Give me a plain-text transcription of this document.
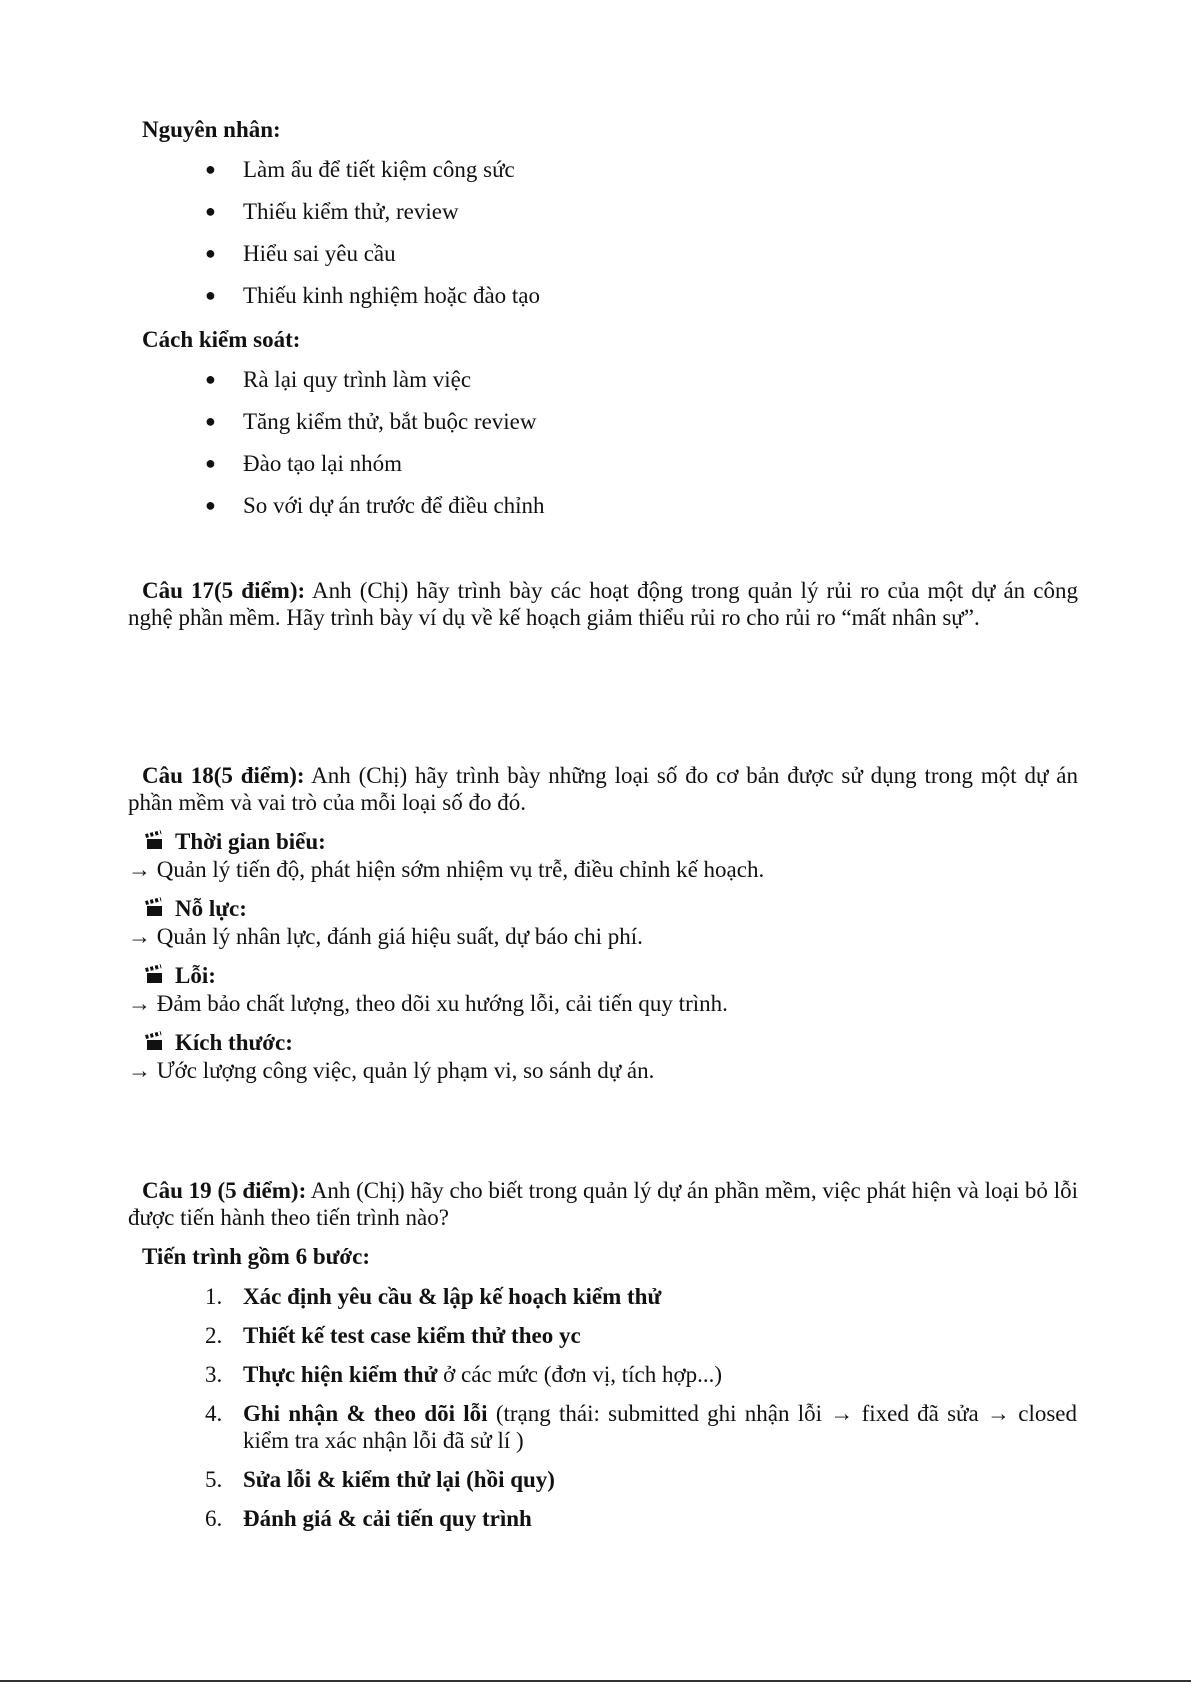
Nguyên nhân:
● Làm ẩu để tiết kiệm công sức
● Thiếu kiểm thử, review
● Hiểu sai yêu cầu
● Thiếu kinh nghiệm hoặc đào tạo
Cách kiểm soát:
● Rà lại quy trình làm việc
● Tăng kiểm thử, bắt buộc review
● Đào tạo lại nhóm
● So với dự án trước để điều chỉnh
Câu 17(5 điểm): Anh (Chị) hãy trình bày các hoạt động trong quản lý rủi ro của một dự án công nghệ phần mềm. Hãy trình bày ví dụ về kế hoạch giảm thiểu rủi ro cho rủi ro “mất nhân sự”.
Câu 18(5 điểm): Anh (Chị) hãy trình bày những loại số đo cơ bản được sử dụng trong một dự án phần mềm và vai trò của mỗi loại số đo đó.
Thời gian biểu:
→ Quản lý tiến độ, phát hiện sớm nhiệm vụ trễ, điều chỉnh kế hoạch.
Nỗ lực:
→ Quản lý nhân lực, đánh giá hiệu suất, dự báo chi phí.
Lỗi:
→ Đảm bảo chất lượng, theo dõi xu hướng lỗi, cải tiến quy trình.
Kích thước:
→ Ước lượng công việc, quản lý phạm vi, so sánh dự án.
Câu 19 (5 điểm): Anh (Chị) hãy cho biết trong quản lý dự án phần mềm, việc phát hiện và loại bỏ lỗi được tiến hành theo tiến trình nào?
Tiến trình gồm 6 bước:
1. Xác định yêu cầu & lập kế hoạch kiểm thử
2. Thiết kế test case kiểm thử theo yc
3. Thực hiện kiểm thử ở các mức (đơn vị, tích hợp...)
4. Ghi nhận & theo dõi lỗi (trạng thái: submitted ghi nhận lỗi → fixed đã sửa → closed kiểm tra xác nhận lỗi đã sử lí )
5. Sửa lỗi & kiểm thử lại (hồi quy)
6. Đánh giá & cải tiến quy trình
